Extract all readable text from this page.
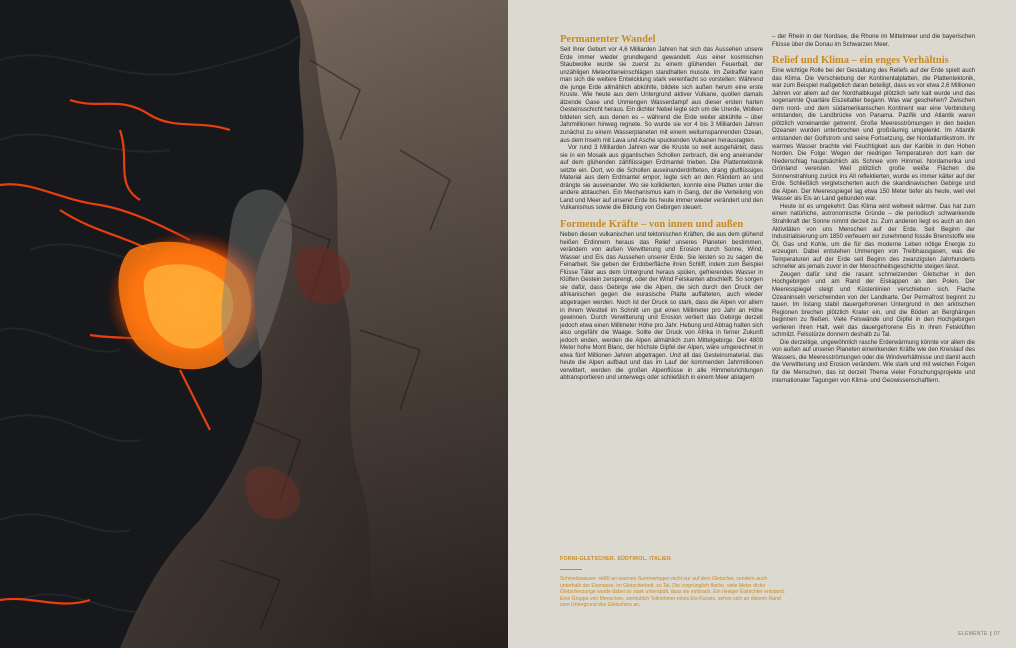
Permanenter Wandel

Seit ihrer Geburt vor 4,6 Milliarden Jahren hat sich das Aussehen unsere Erde immer wieder grundlegend gewandelt. Aus einer kosmischen Staubwolke wurde sie zuerst zu einem glühenden Feuerball, der unzähligen Meteoriteneinschlägen standhalten musste. Im Zeitraffer kann man sich die weitere Entwicklung stark vereinfacht so vorstellen: Während die junge Erde allmählich abkühlte, bildete sich außen herum eine erste Kruste. Wie heute aus dem Untergrund aktiver Vulkane, quollen damals ätzende Gase und Unmengen Wasserdampf aus dieser ersten harten Gesteinsschicht heraus. Ein dichter Nebel legte sich um die Urerde, Wolken bildeten sich, aus denen es – während die Erde weiter abkühlte – über Jahrmillionen hinweg regnete. So wurde sie vor 4 bis 3 Milliarden Jahren zunächst zu einem Wasserplaneten mit einem weltumspannenden Ozean, aus dem Inseln mit Lava und Asche spuckenden Vulkanen herausragten.

Vor rund 3 Milliarden Jahren war die Kruste so weit ausgehärtet, dass sie in ein Mosaik aus gigantischen Schollen zerbrach, die eng aneinander auf dem glühenden zähflüssigen Erdmantel trieben. Die Plattentektonik setzte ein. Dort, wo die Schollen auseinanderdrifteten, drang glutflüssiges Material aus dem Erdmantel empor, legte sich an den Rändern an und drängte sie auseinander. Wo sie kollidierten, konnte eine Platten unter die andere abtauchen. Ein Mechanismus kam in Gang, der die Verteilung von Land und Meer auf unserer Erde bis heute immer wieder verändert und den Vulkanismus sowie die Bildung von Gebirgen steuert.

Formende Kräfte – von innen und außen

Neben diesen vulkanischen und tektonischen Kräften, die aus dem glühend heißen Erdinnern heraus das Relief unseres Planeten bestimmen, verändern von außen Verwitterung und Erosion durch Sonne, Wind, Wasser und Eis das Aussehen unserer Erde. Sie leisten so zu sagen die Feinarbeit. Sie geben der Erdoberfläche ihren Schliff, indem zum Beispiel Flüsse Täler aus dem Untergrund heraus spülen, gefrierendes Wasser in Klüften Gestein zersprengt, oder der Wind Felskanten abschleift. So sorgen sie dafür, dass Gebirge wie die Alpen, die sich durch den Druck der afrikanischen gegen die eurasische Platte auffalteten, auch wieder abgetragen werden. Noch ist der Druck so stark, dass die Alpen vor allem in ihrem Westteil im Schnitt um gut einen Millimeter pro Jahr an Höhe gewinnen. Durch Verwitterung und Erosion verliert das Gebirge derzeit jedoch etwa einen Millimeter Höhe pro Jahr. Hebung und Abtrag halten sich also ungefähr die Waage. Sollte der Druck von Afrika in ferner Zukunft jedoch enden, werden die Alpen allmählich zum Mittelgebirge. Der 4809 Meter hohe Mont Blanc, der höchste Gipfel der Alpen, wäre umgerechnet in etwa fünf Millionen Jahren abgetragen. Und all das Gesteinsmaterial, das heute die Alpen aufbaut und das im Lauf der kommenden Jahrmillionen verwittert, werden die großen Alpenflüsse in alle Himmelsrichtungen abtransportieren und unterwegs oder schließlich in einem Meer ablagern

– der Rhein in der Nordsee, die Rhone im Mittelmeer und die bayerischen Flüsse über die Donau im Schwarzen Meer.

Relief und Klima – ein enges Verhältnis

Eine wichtige Rolle bei der Gestaltung des Reliefs auf der Erde spielt auch das Klima. Die Verschiebung der Kontinentalplatten, die Plattentektonik, war zum Beispiel maßgeblich daran beteiligt, dass es vor etwa 2,6 Millionen Jahren vor allem auf der Nordhalbkugel plötzlich sehr kalt wurde und das sogenannte Quartäre Eiszeitalter begann. Was war geschehen? Zwischen dem nord- und dem südamerikanischen Kontinent war eine Verbindung entstanden, die Landbrücke von Panama. Pazifik und Atlantik waren plötzlich voneinander getrennt. Große Meeresströmungen in den beiden Ozeanen wurden unterbrochen und großräumig umgelenkt. Im Atlantik entstanden der Golfstrom und seine Fortsetzung, der Nordatlantikstrom. Ihr warmes Wasser brachte viel Feuchtigkeit aus der Karibik in den Hohen Norden. Die Folge: Wegen der niedrigen Temperaturen dort kam der Niederschlag hauptsächlich als Schnee vom Himmel. Nordamerika und Grönland vereisten. Weil plötzlich große weiße Flächen die Sonnenstrahlung zurück ins All reflektierten, wurde es immer kälter auf der Erde. Schließlich vergletscherten auch die skandinavischen Gebirge und die Alpen. Der Meeresspiegel lag etwa 150 Meter tiefer als heute, weil viel Wasser als Eis an Land gebunden war.

Heute ist es umgekehrt: Das Klima wird weltweit wärmer. Das hat zum einen natürliche, astronomische Gründe – die periodisch schwankende Strahlkraft der Sonne nimmt derzeit zu. Zum anderen liegt es auch an den Aktivitäten von uns Menschen auf der Erde. Seit Beginn der Industrialisierung um 1850 verfeuern wir zunehmend fossile Brennstoffe wie Öl, Gas und Kohle, um die für das moderne Leben nötige Energie zu erzeugen. Dabei entstehen Unmengen von Treibhausgasen, was die Temperaturen auf der Erde seit Beginn des zwanzigsten Jahrhunderts schneller als jemals zuvor in der Menschheitsgeschichte steigen lässt.

Zeugen dafür sind die rasant schmelzenden Gletscher in den Hochgebirgen und am Rand der Eiskappen an den Polen. Der Meeresspiegel steigt und Küstenlinien verschieben sich. Flache Ozeaninseln verschwinden von der Landkarte. Der Permafrost beginnt zu tauen. Im Iistang stabil dauergefrorenen Untergrund in den arktischen Regionen brechen plötzlich Krater ein, und die Böden an Berghängen beginnen zu fließen. Viele Felswände und Gipfel in den Hochgebirgen verlieren ihren Halt, weil das dauergefrorene Eis in ihren Felsklüften schmilzt. Felsstürze donnern deshalb zu Tal.

Die derzeitige, ungewöhnlich rasche Erderwärmung könnte vor allem die von außen auf unseren Planeten einwirkenden Kräfte wie den Kreislauf des Wassers, die Meeresströmungen oder die Windverhältnisse und damit auch die Verwitterung und Erosion verändern. Wie stark und mit welchen Folgen für die Menschen, das ist derzeit Thema vieler Forschungsprojekte und internationaler Tagungen von Klima- und Geowissenschaftlern.

FORNI-GLETSCHER, SÜDTIROL, ITALIEN
Schmelzwasser: stößt an warmen Sommertagen nicht nur auf dem Gletscher, sondern auch unterhalb der Eismasse, im Gletscherbett, zu Tal. Die ursprünglich flache, viele Meter dicke Gletscherzunge wurde dabei so stark unterspült, dass sie einbrach. Ein riesiger Eistrichter entstand. Eine Gruppe von Menschen, vermutlich Teilnehmer eines Eis-Kurses, sehen sich an diesem Rand zum Untergrund des Gletschers an.
ELEMENTE ∥ 07
